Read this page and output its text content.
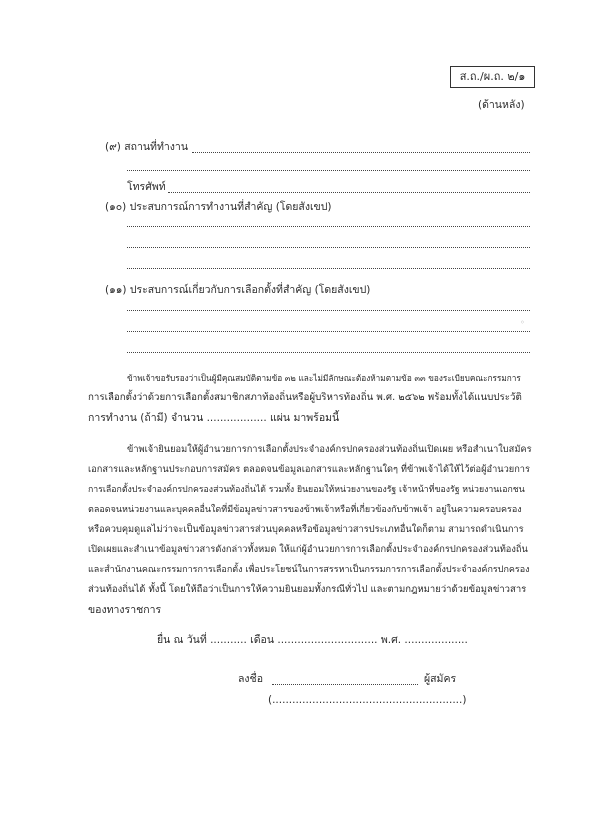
ส.ถ./ผ.ถ. ๒/๑
(ด้านหลัง)
(๙) สถานที่ทำงาน
โทรศัพท์
(๑๐) ประสบการณ์การทำงานที่สำคัญ (โดยสังเขป)
(๑๑) ประสบการณ์เกี่ยวกับการเลือกตั้งที่สำคัญ (โดยสังเขป)
◦
ข้าพเจ้าขอรับรองว่าเป็นผู้มีคุณสมบัติตามข้อ ๓๒ และไม่มีลักษณะต้องห้ามตามข้อ ๓๓ ของระเบียบคณะกรรมการ
การเลือกตั้งว่าด้วยการเลือกตั้งสมาชิกสภาท้องถิ่นหรือผู้บริหารท้องถิ่น พ.ศ. ๒๕๖๒ พร้อมทั้งได้แนบประวัติ
การทำงาน (ถ้ามี) จำนวน .................. แผ่น มาพร้อมนี้
ข้าพเจ้ายินยอมให้ผู้อำนวยการการเลือกตั้งประจำองค์กรปกครองส่วนท้องถิ่นเปิดเผย หรือสำเนาใบสมัคร
เอกสารและหลักฐานประกอบการสมัคร ตลอดจนข้อมูลเอกสารและหลักฐานใดๆ ที่ข้าพเจ้าได้ให้ไว้ต่อผู้อำนวยการ
การเลือกตั้งประจำองค์กรปกครองส่วนท้องถิ่นได้ รวมทั้ง ยินยอมให้หน่วยงานของรัฐ เจ้าหน้าที่ของรัฐ หน่วยงานเอกชน
ตลอดจนหน่วยงานและบุคคลอื่นใดที่มีข้อมูลข่าวสารของข้าพเจ้าหรือที่เกี่ยวข้องกับข้าพเจ้า อยู่ในความครอบครอง
หรือควบคุมดูแลไม่ว่าจะเป็นข้อมูลข่าวสารส่วนบุคคลหรือข้อมูลข่าวสารประเภทอื่นใดก็ตาม สามารถดำเนินการ
เปิดเผยและสำเนาข้อมูลข่าวสารดังกล่าวทั้งหมด ให้แก่ผู้อำนวยการการเลือกตั้งประจำองค์กรปกครองส่วนท้องถิ่น
และสำนักงานคณะกรรมการการเลือกตั้ง เพื่อประโยชน์ในการสรรหาเป็นกรรมการการเลือกตั้งประจำองค์กรปกครอง
ส่วนท้องถิ่นได้ ทั้งนี้ โดยให้ถือว่าเป็นการให้ความยินยอมทั้งกรณีทั่วไป และตามกฎหมายว่าด้วยข้อมูลข่าวสาร
ของทางราชการ
ยื่น ณ วันที่ ........... เดือน .............................. พ.ศ. ...................
ลงชื่อ	ผู้สมัคร
(.........................................................)
